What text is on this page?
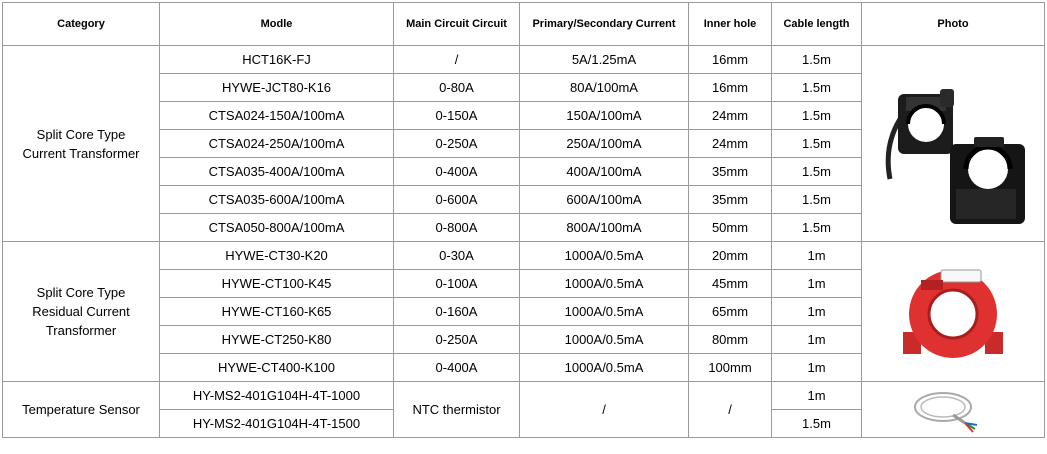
Category	Modle	Main Circuit Circuit	Primary/Secondary Current	Inner hole	Cable length	Photo
Split Core Type
Current Transformer	HCT16K-FJ	/	5A/1.25mA	16mm	1.5m	

	HYWE-JCT80-K16	0-80A	80A/100mA	16mm	1.5m	
	CTSA024-150A/100mA	0-150A	150A/100mA	24mm	1.5m	
	CTSA024-250A/100mA	0-250A	250A/100mA	24mm	1.5m	
	CTSA035-400A/100mA	0-400A	400A/100mA	35mm	1.5m	
	CTSA035-600A/100mA	0-600A	600A/100mA	35mm	1.5m	
	CTSA050-800A/100mA	0-800A	800A/100mA	50mm	1.5m	
Split Core Type
Residual Current
Transformer	HYWE-CT30-K20	0-30A	1000A/0.5mA	20mm	1m	

	HYWE-CT100-K45	0-100A	1000A/0.5mA	45mm	1m	
	HYWE-CT160-K65	0-160A	1000A/0.5mA	65mm	1m	
	HYWE-CT250-K80	0-250A	1000A/0.5mA	80mm	1m	
	HYWE-CT400-K100	0-400A	1000A/0.5mA	100mm	1m	
Temperature Sensor	HY-MS2-401G104H-4T-1000	NTC thermistor	/	/	1m	

	HY-MS2-401G104H-4T-1500				1.5m	
